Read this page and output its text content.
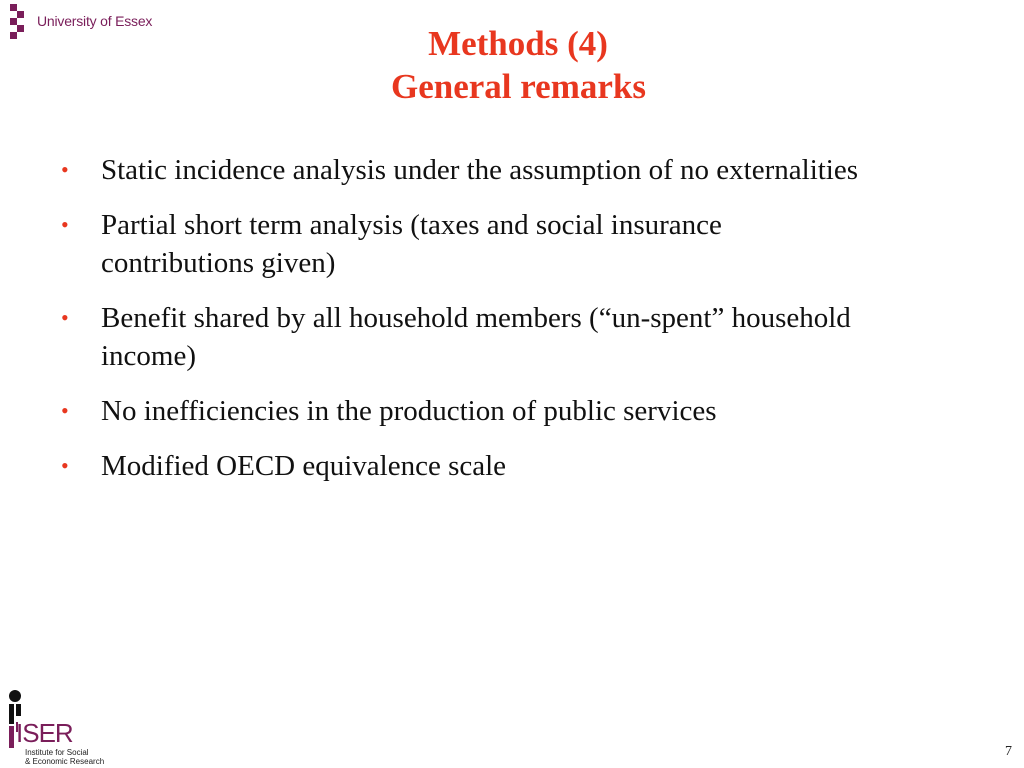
University of Essex
Methods (4)
General remarks
• Static incidence analysis under the assumption of no externalities
• Partial short term analysis (taxes and social insurance contributions given)
• Benefit shared by all household members (“un-spent” household income)
• No inefficiencies in the production of public services
• Modified OECD equivalence scale
ISER
Institute for Social
& Economic Research
7
